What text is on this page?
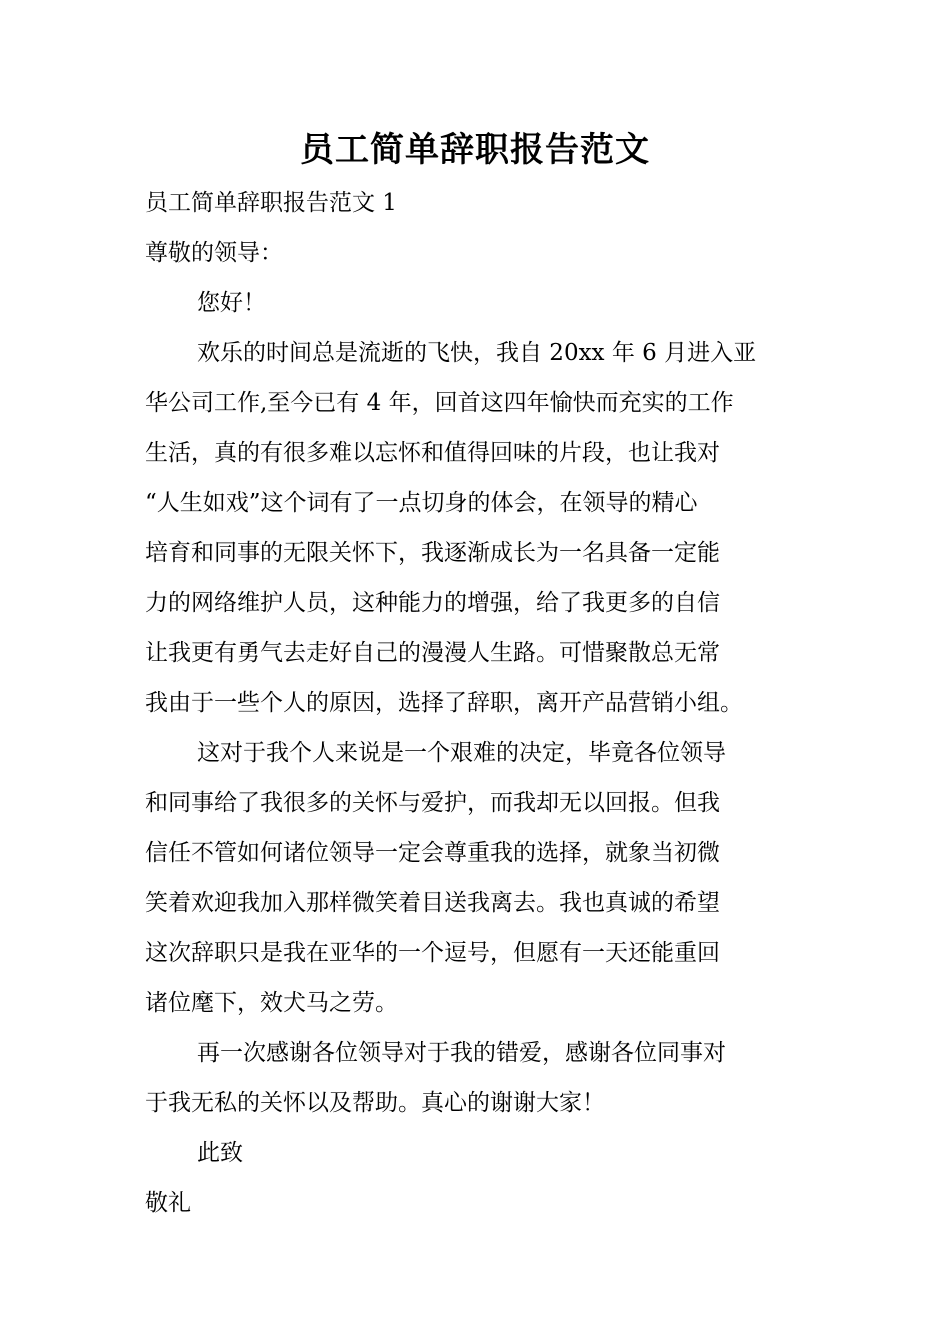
员工简单辞职报告范文
员工简单辞职报告范文 1
尊敬的领导：
您好！
欢乐的时间总是流逝的飞快，我自 20xx 年 6 月进入亚
华公司工作,至今已有 4 年，回首这四年愉快而充实的工作
生活，真的有很多难以忘怀和值得回味的片段，也让我对
“人生如戏”这个词有了一点切身的体会，在领导的精心
培育和同事的无限关怀下，我逐渐成长为一名具备一定能
力的网络维护人员，这种能力的增强，给了我更多的自信
让我更有勇气去走好自己的漫漫人生路。可惜聚散总无常
我由于一些个人的原因，选择了辞职，离开产品营销小组。
这对于我个人来说是一个艰难的决定，毕竟各位领导
和同事给了我很多的关怀与爱护，而我却无以回报。但我
信任不管如何诸位领导一定会尊重我的选择，就象当初微
笑着欢迎我加入那样微笑着目送我离去。我也真诚的希望
这次辞职只是我在亚华的一个逗号，但愿有一天还能重回
诸位麾下，效犬马之劳。
再一次感谢各位领导对于我的错爱，感谢各位同事对
于我无私的关怀以及帮助。真心的谢谢大家！
此致
敬礼
